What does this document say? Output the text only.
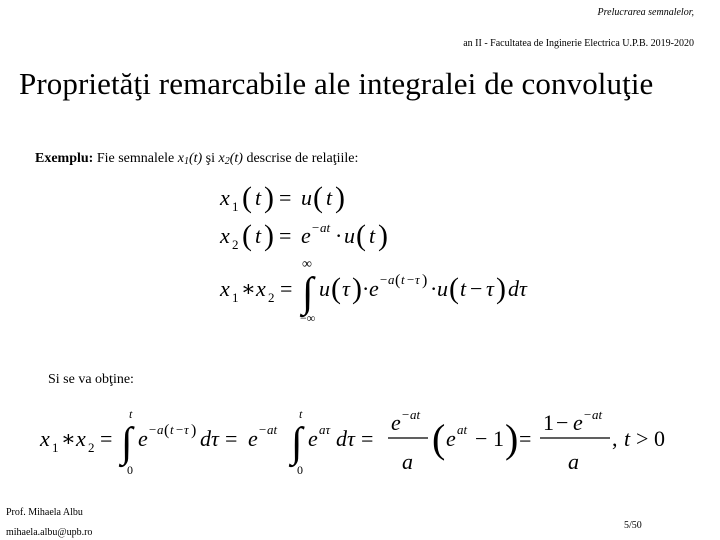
Prelucrarea semnalelor,
an II - Facultatea de Inginerie Electrica U.P.B. 2019-2020
Proprietăţi remarcabile ale integralei de convoluţie
Exemplu: Fie semnalele $x_1(t)$ şi $x_2(t)$ descrise de relaţiile:
x 1 ( t ) = u ( t )
x 2 ( t ) = e − at · u ( t )
x 1 ∗ x 2 =
∞
∫
−∞
u ( τ ) · e − a ( t − τ ) · u ( t − τ ) dτ
Si se va obţine:
x 1 ∗ x 2 =
t
∫
0
e − a ( t − τ ) dτ = e − at
t
∫
0
e aτ dτ =
e − at
a
( e at − 1 ) =
1 − e − at
a
, t > 0
Prof. Mihaela Albu
mihaela.albu@upb.ro
5/50
